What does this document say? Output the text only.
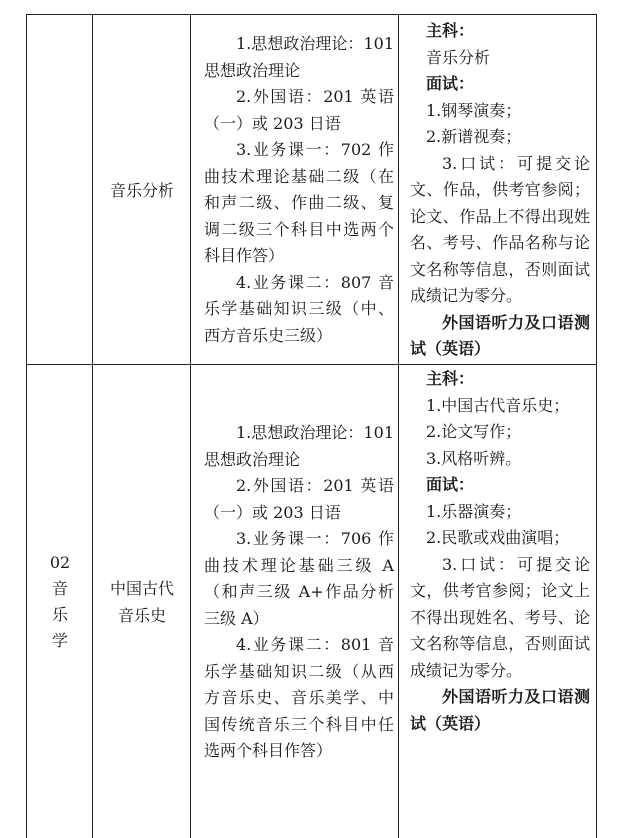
音乐分析

1.思想政治理论：101 思想政治理论

2.外国语：201 英语（一）或 203 日语

3.业务课一：702 作曲技术理论基础二级（在和声二级、作曲二级、复调二级三个科目中选两个科目作答）

4.业务课二：807 音乐学基础知识三级（中、西方音乐史三级）

主科：

音乐分析

面试：

1.钢琴演奏；

2.新谱视奏；

3.口试：可提交论文、作品，供考官参阅；论文、作品上不得出现姓名、考号、作品名称与论文名称等信息，否则面试成绩记为零分。

外国语听力及口语测试（英语）

02
音乐学
中国古代音乐史

1.思想政治理论：101 思想政治理论

2.外国语：201 英语（一）或 203 日语

3.业务课一：706 作曲技术理论基础三级 A（和声三级 A+作品分析三级 A）

4.业务课二：801 音乐学基础知识二级（从西方音乐史、音乐美学、中国传统音乐三个科目中任选两个科目作答）

主科：

1.中国古代音乐史；

2.论文写作；

3.风格听辨。

面试：

1.乐器演奏；

2.民歌或戏曲演唱；

3.口试：可提交论文，供考官参阅；论文上不得出现姓名、考号、论文名称等信息，否则面试成绩记为零分。

外国语听力及口语测试（英语）
